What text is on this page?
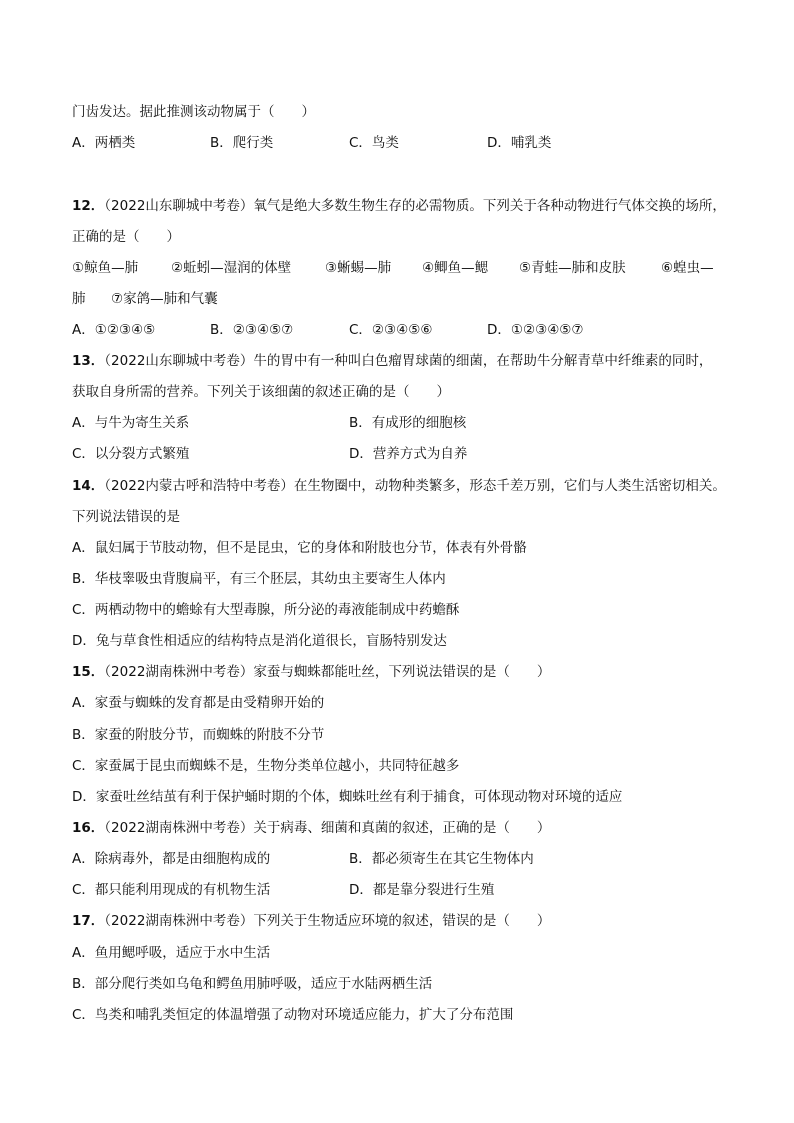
门齿发达。据此推测该动物属于（　　）
A．两栖类	B．爬行类	C．鸟类	D．哺乳类
12．（2022山东聊城中考卷）氧气是绝大多数生物生存的必需物质。下列关于各种动物进行气体交换的场所，
正确的是（　　）
①鲸鱼—肺 ②蚯蚓—湿润的体壁	③蜥蜴—肺 ④鲫鱼—鳃 ⑤青蛙—肺和皮肤	⑥蝗虫—
肺 ⑦家鸽—肺和气囊
A．①②③④⑤	B．②③④⑤⑦	C．②③④⑤⑥	D．①②③④⑤⑦
13．（2022山东聊城中考卷）牛的胃中有一种叫白色瘤胃球菌的细菌，在帮助牛分解青草中纤维素的同时，
获取自身所需的营养。下列关于该细菌的叙述正确的是（　　）
A．与牛为寄生关系	B．有成形的细胞核
C．以分裂方式繁殖	D．营养方式为自养
14．（2022内蒙古呼和浩特中考卷）在生物圈中，动物种类繁多，形态千差万别，它们与人类生活密切相关。
下列说法错误的是
A．鼠妇属于节肢动物，但不是昆虫，它的身体和附肢也分节，体表有外骨骼
B．华枝睾吸虫背腹扁平，有三个胚层，其幼虫主要寄生人体内
C．两栖动物中的蟾蜍有大型毒腺，所分泌的毒液能制成中药蟾酥
D．兔与草食性相适应的结构特点是消化道很长，盲肠特别发达
15．（2022湖南株洲中考卷）家蚕与蜘蛛都能吐丝，下列说法错误的是（　　）
A．家蚕与蜘蛛的发育都是由受精卵开始的
B．家蚕的附肢分节，而蜘蛛的附肢不分节
C．家蚕属于昆虫而蜘蛛不是，生物分类单位越小，共同特征越多
D．家蚕吐丝结茧有利于保护蛹时期的个体，蜘蛛吐丝有利于捕食，可体现动物对环境的适应
16．（2022湖南株洲中考卷）关于病毒、细菌和真菌的叙述，正确的是（　　）
A．除病毒外，都是由细胞构成的	B．都必须寄生在其它生物体内
C．都只能利用现成的有机物生活	D．都是靠分裂进行生殖
17．（2022湖南株洲中考卷）下列关于生物适应环境的叙述，错误的是（　　）
A．鱼用鳃呼吸，适应于水中生活
B．部分爬行类如乌龟和鳄鱼用肺呼吸，适应于水陆两栖生活
C．鸟类和哺乳类恒定的体温增强了动物对环境适应能力，扩大了分布范围
